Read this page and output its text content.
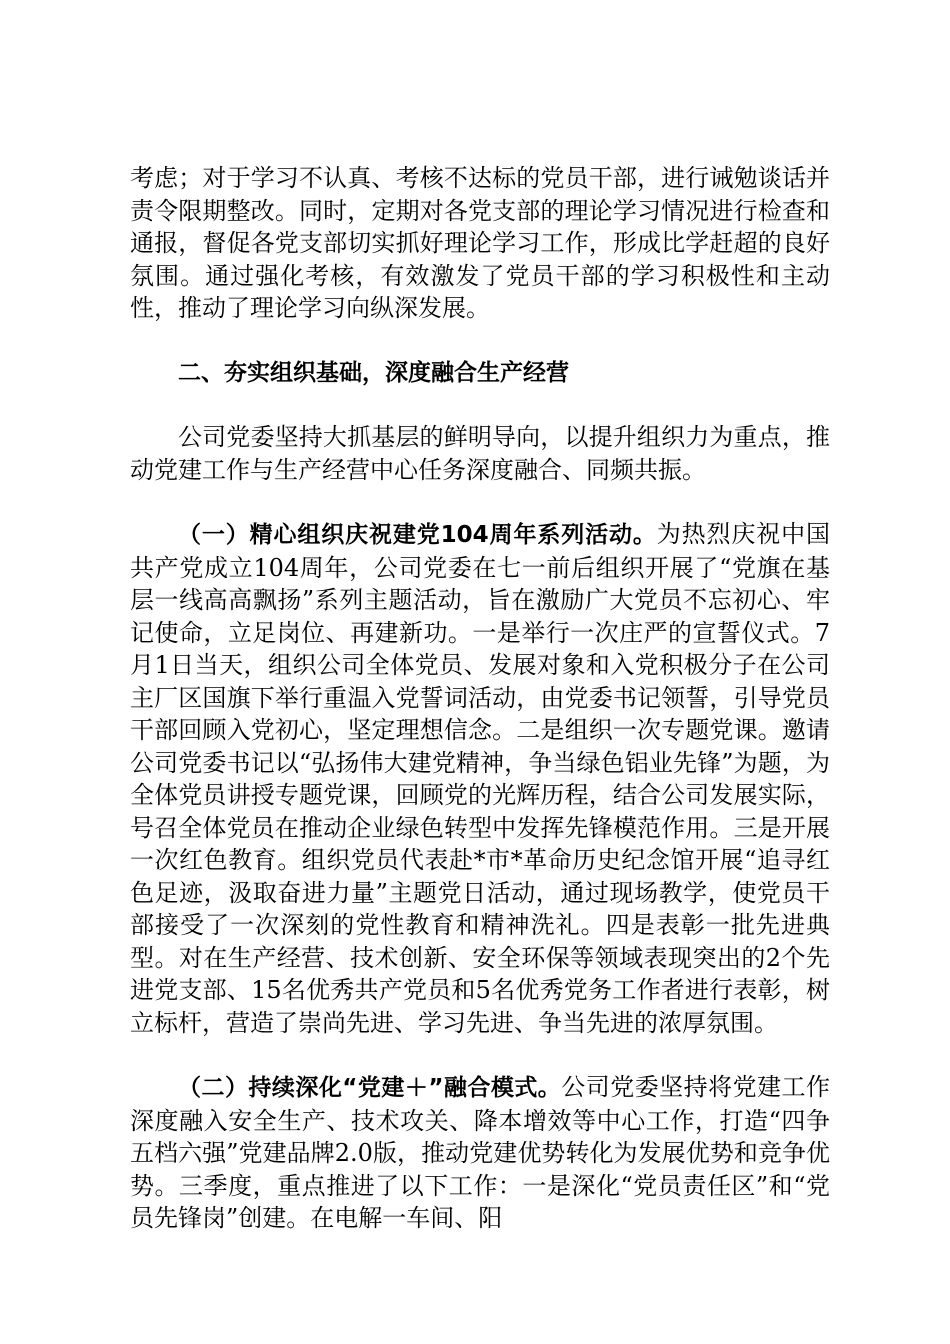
考虑；对于学习不认真、考核不达标的党员干部，进行诫勉谈话并责令限期整改。同时，定期对各党支部的理论学习情况进行检查和通报，督促各党支部切实抓好理论学习工作，形成比学赶超的良好氛围。通过强化考核，有效激发了党员干部的学习积极性和主动性，推动了理论学习向纵深发展。

二、夯实组织基础，深度融合生产经营

公司党委坚持大抓基层的鲜明导向，以提升组织力为重点，推动党建工作与生产经营中心任务深度融合、同频共振。

（一）精心组织庆祝建党104周年系列活动。为热烈庆祝中国共产党成立104周年，公司党委在七一前后组织开展了“党旗在基层一线高高飘扬”系列主题活动，旨在激励广大党员不忘初心、牢记使命，立足岗位、再建新功。一是举行一次庄严的宣誓仪式。7月1日当天，组织公司全体党员、发展对象和入党积极分子在公司主厂区国旗下举行重温入党誓词活动，由党委书记领誓，引导党员干部回顾入党初心，坚定理想信念。二是组织一次专题党课。邀请公司党委书记以“弘扬伟大建党精神，争当绿色铝业先锋”为题，为全体党员讲授专题党课，回顾党的光辉历程，结合公司发展实际，号召全体党员在推动企业绿色转型中发挥先锋模范作用。三是开展一次红色教育。组织党员代表赴*市*革命历史纪念馆开展“追寻红色足迹，汲取奋进力量”主题党日活动，通过现场教学，使党员干部接受了一次深刻的党性教育和精神洗礼。四是表彰一批先进典型。对在生产经营、技术创新、安全环保等领域表现突出的2个先进党支部、15名优秀共产党员和5名优秀党务工作者进行表彰，树立标杆，营造了崇尚先进、学习先进、争当先进的浓厚氛围。

（二）持续深化“党建＋”融合模式。公司党委坚持将党建工作深度融入安全生产、技术攻关、降本增效等中心工作，打造“四争五档六强”党建品牌2.0版，推动党建优势转化为发展优势和竞争优势。三季度，重点推进了以下工作：一是深化“党员责任区”和“党员先锋岗”创建。在电解一车间、阳
